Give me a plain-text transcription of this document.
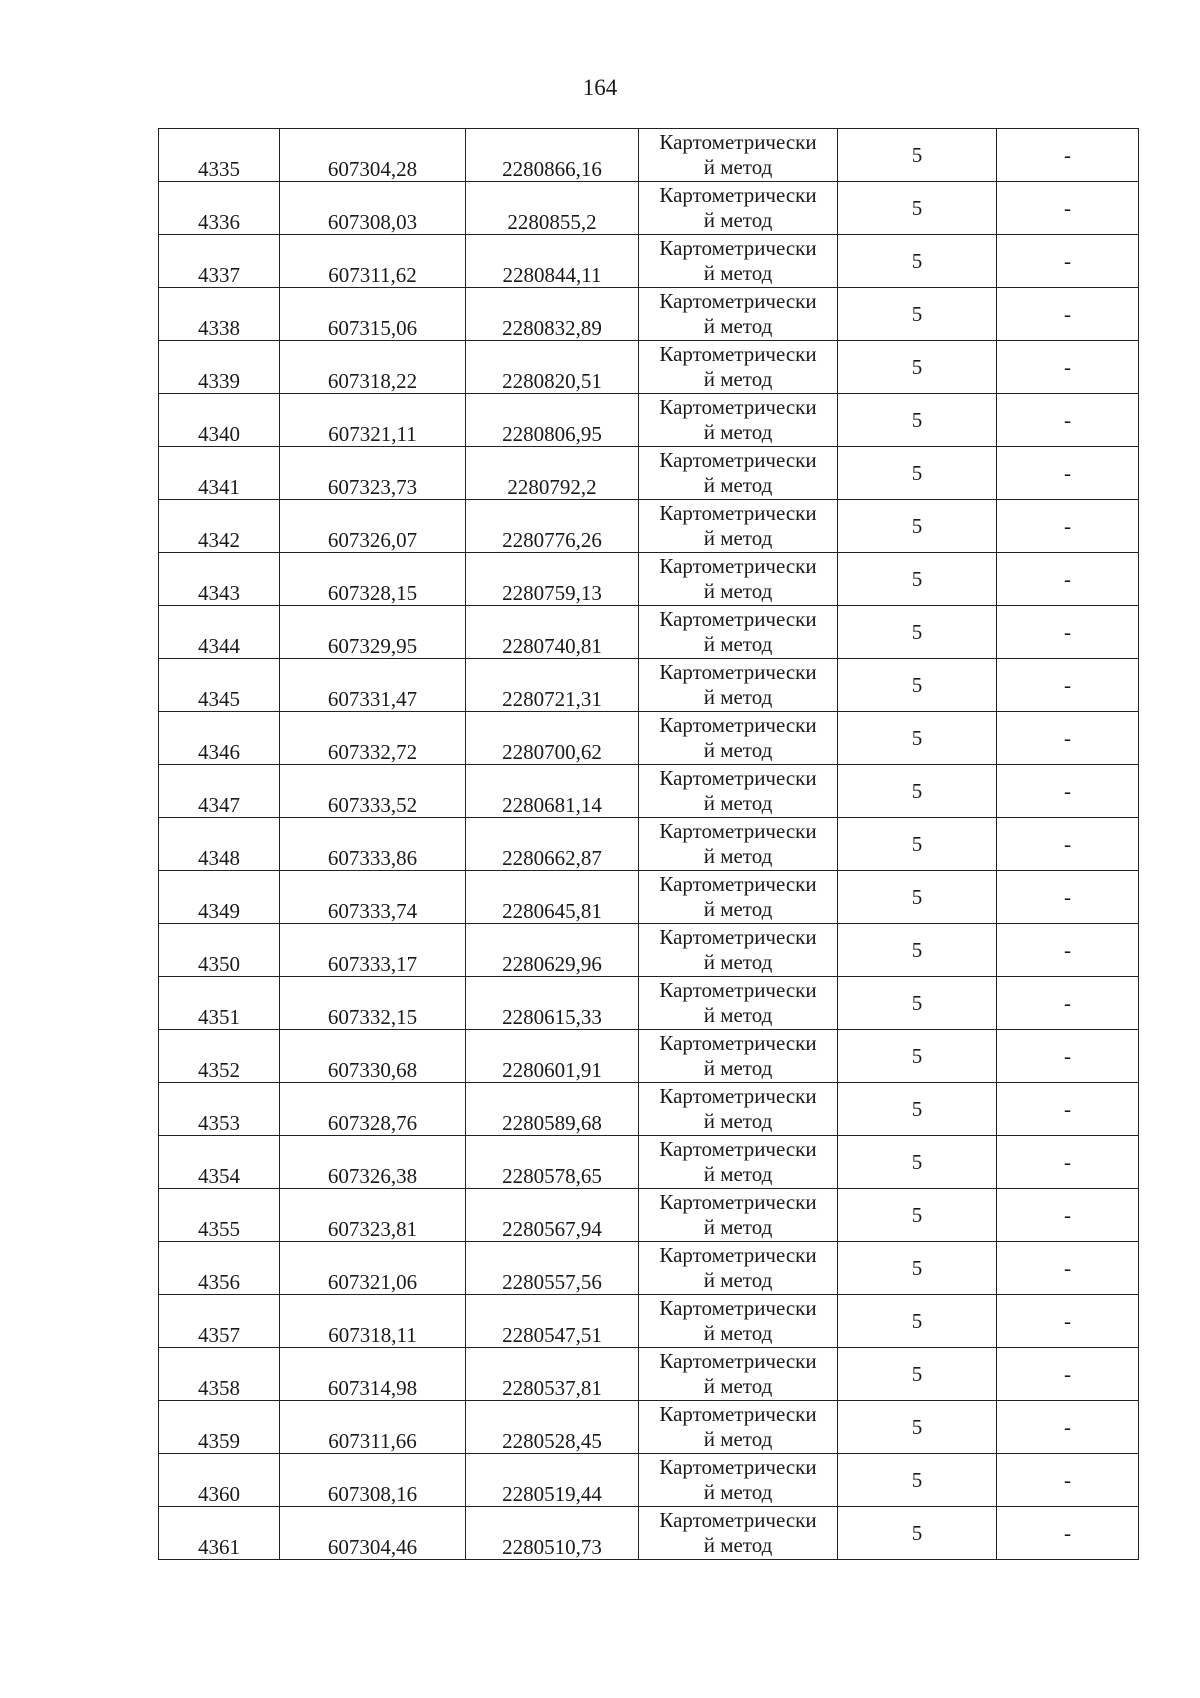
164
4335	607304,28	2280866,16	Картометрически
й метод	5	-
4336	607308,03	2280855,2	Картометрически
й метод	5	-
4337	607311,62	2280844,11	Картометрически
й метод	5	-
4338	607315,06	2280832,89	Картометрически
й метод	5	-
4339	607318,22	2280820,51	Картометрически
й метод	5	-
4340	607321,11	2280806,95	Картометрически
й метод	5	-
4341	607323,73	2280792,2	Картометрически
й метод	5	-
4342	607326,07	2280776,26	Картометрически
й метод	5	-
4343	607328,15	2280759,13	Картометрически
й метод	5	-
4344	607329,95	2280740,81	Картометрически
й метод	5	-
4345	607331,47	2280721,31	Картометрически
й метод	5	-
4346	607332,72	2280700,62	Картометрически
й метод	5	-
4347	607333,52	2280681,14	Картометрически
й метод	5	-
4348	607333,86	2280662,87	Картометрически
й метод	5	-
4349	607333,74	2280645,81	Картометрически
й метод	5	-
4350	607333,17	2280629,96	Картометрически
й метод	5	-
4351	607332,15	2280615,33	Картометрически
й метод	5	-
4352	607330,68	2280601,91	Картометрически
й метод	5	-
4353	607328,76	2280589,68	Картометрически
й метод	5	-
4354	607326,38	2280578,65	Картометрически
й метод	5	-
4355	607323,81	2280567,94	Картометрически
й метод	5	-
4356	607321,06	2280557,56	Картометрически
й метод	5	-
4357	607318,11	2280547,51	Картометрически
й метод	5	-
4358	607314,98	2280537,81	Картометрически
й метод	5	-
4359	607311,66	2280528,45	Картометрически
й метод	5	-
4360	607308,16	2280519,44	Картометрически
й метод	5	-
4361	607304,46	2280510,73	Картометрически
й метод	5	-
